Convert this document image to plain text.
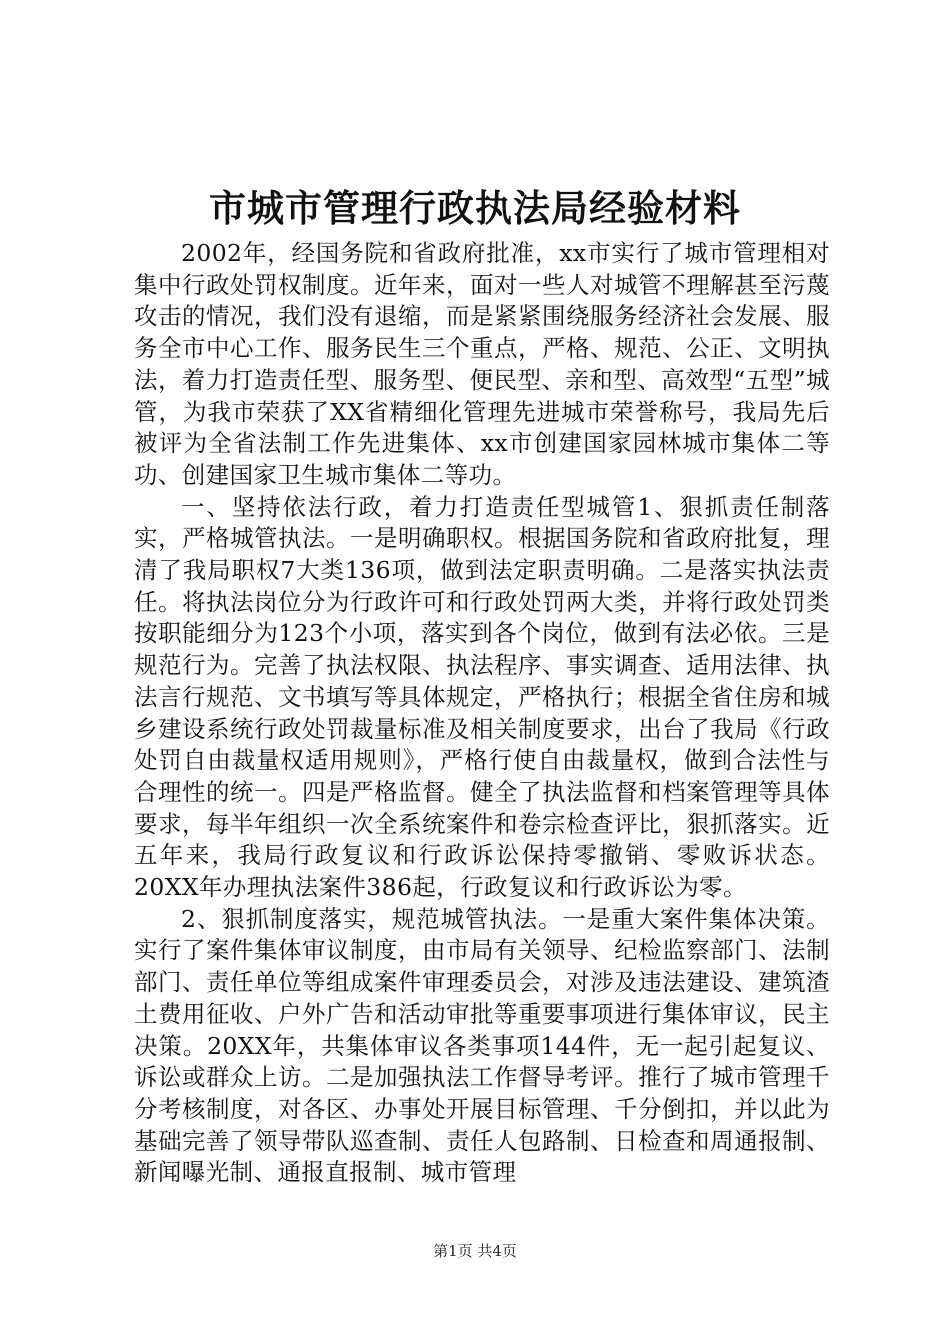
市城市管理行政执法局经验材料

2002年，经国务院和省政府批准，xx市实行了城市管理相对集中行政处罚权制度。近年来，面对一些人对城管不理解甚至污蔑攻击的情况，我们没有退缩，而是紧紧围绕服务经济社会发展、服务全市中心工作、服务民生三个重点，严格、规范、公正、文明执法，着力打造责任型、服务型、便民型、亲和型、高效型“五型”城管，为我市荣获了XX省精细化管理先进城市荣誉称号，我局先后被评为全省法制工作先进集体、xx市创建国家园林城市集体二等功、创建国家卫生城市集体二等功。

一、坚持依法行政，着力打造责任型城管1、狠抓责任制落实，严格城管执法。一是明确职权。根据国务院和省政府批复，理清了我局职权7大类136项，做到法定职责明确。二是落实执法责任。将执法岗位分为行政许可和行政处罚两大类，并将行政处罚类按职能细分为123个小项，落实到各个岗位，做到有法必依。三是规范行为。完善了执法权限、执法程序、事实调查、适用法律、执法言行规范、文书填写等具体规定，严格执行；根据全省住房和城乡建设系统行政处罚裁量标准及相关制度要求，出台了我局《行政处罚自由裁量权适用规则》，严格行使自由裁量权，做到合法性与合理性的统一。四是严格监督。健全了执法监督和档案管理等具体要求，每半年组织一次全系统案件和卷宗检查评比，狠抓落实。近五年来，我局行政复议和行政诉讼保持零撤销、零败诉状态。20XX年办理执法案件386起，行政复议和行政诉讼为零。

2、狠抓制度落实，规范城管执法。一是重大案件集体决策。实行了案件集体审议制度，由市局有关领导、纪检监察部门、法制部门、责任单位等组成案件审理委员会，对涉及违法建设、建筑渣土费用征收、户外广告和活动审批等重要事项进行集体审议，民主决策。20XX年，共集体审议各类事项144件，无一起引起复议、诉讼或群众上访。二是加强执法工作督导考评。推行了城市管理千分考核制度，对各区、办事处开展目标管理、千分倒扣，并以此为基础完善了领导带队巡查制、责任人包路制、日检查和周通报制、新闻曝光制、通报直报制、城市管理

第1页 共4页
